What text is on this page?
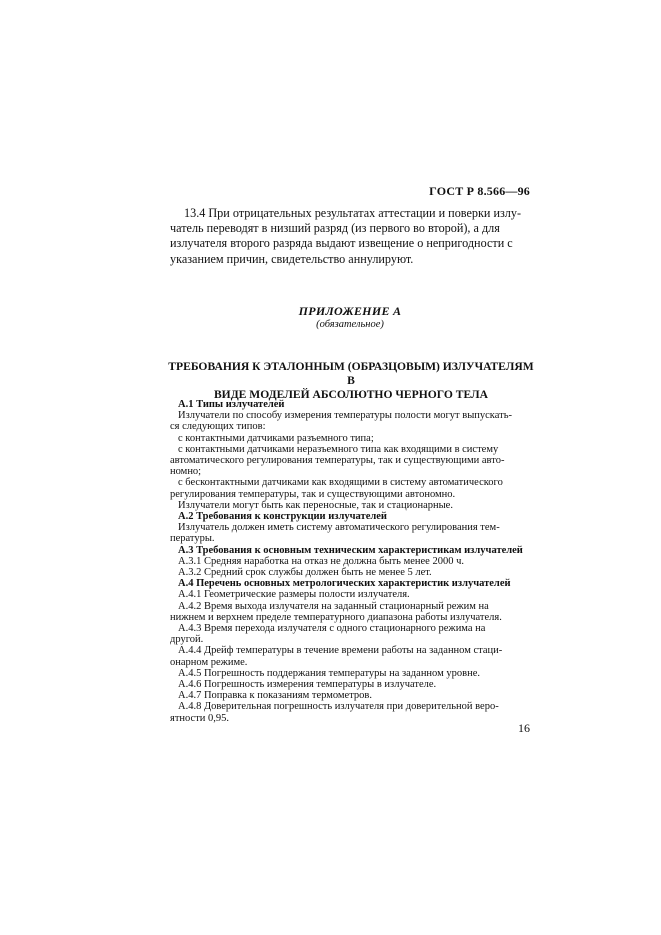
ГОСТ Р 8.566—96
13.4 При отрицательных результатах аттестации и поверки излу-
чатель переводят в низший разряд (из первого во второй), а для
излучателя второго разряда выдают извещение о непригодности с
указанием причин, свидетельство аннулируют.
ПРИЛОЖЕНИЕ А
(обязательное)
ТРЕБОВАНИЯ К ЭТАЛОННЫМ (ОБРАЗЦОВЫМ) ИЗЛУЧАТЕЛЯМ В
ВИДЕ МОДЕЛЕЙ АБСОЛЮТНО ЧЕРНОГО ТЕЛА
А.1 Типы излучателей
Излучатели по способу измерения температуры полости могут выпускать-
ся следующих типов:
с контактными датчиками разъемного типа;
с контактными датчиками неразъемного типа как входящими в систему
автоматического регулирования температуры, так и существующими авто-
номно;
с бесконтактными датчиками как входящими в систему автоматического
регулирования температуры, так и существующими автономно.
Излучатели могут быть как переносные, так и стационарные.
А.2 Требования к конструкции излучателей
Излучатель должен иметь систему автоматического регулирования тем-
пературы.
А.3 Требования к основным техническим характеристикам излучателей
А.3.1 Средняя наработка на отказ не должна быть менее 2000 ч.
А.3.2 Средний срок службы должен быть не менее 5 лет.
А.4 Перечень основных метрологических характеристик излучателей
А.4.1 Геометрические размеры полости излучателя.
А.4.2 Время выхода излучателя на заданный стационарный режим на
нижнем и верхнем пределе температурного диапазона работы излучателя.
А.4.3 Время перехода излучателя с одного стационарного режима на
другой.
А.4.4 Дрейф температуры в течение времени работы на заданном стаци-
онарном режиме.
А.4.5 Погрешность поддержания температуры на заданном уровне.
А.4.6 Погрешность измерения температуры в излучателе.
А.4.7 Поправка к показаниям термометров.
А.4.8 Доверительная погрешность излучателя при доверительной веро-
ятности 0,95.
16
